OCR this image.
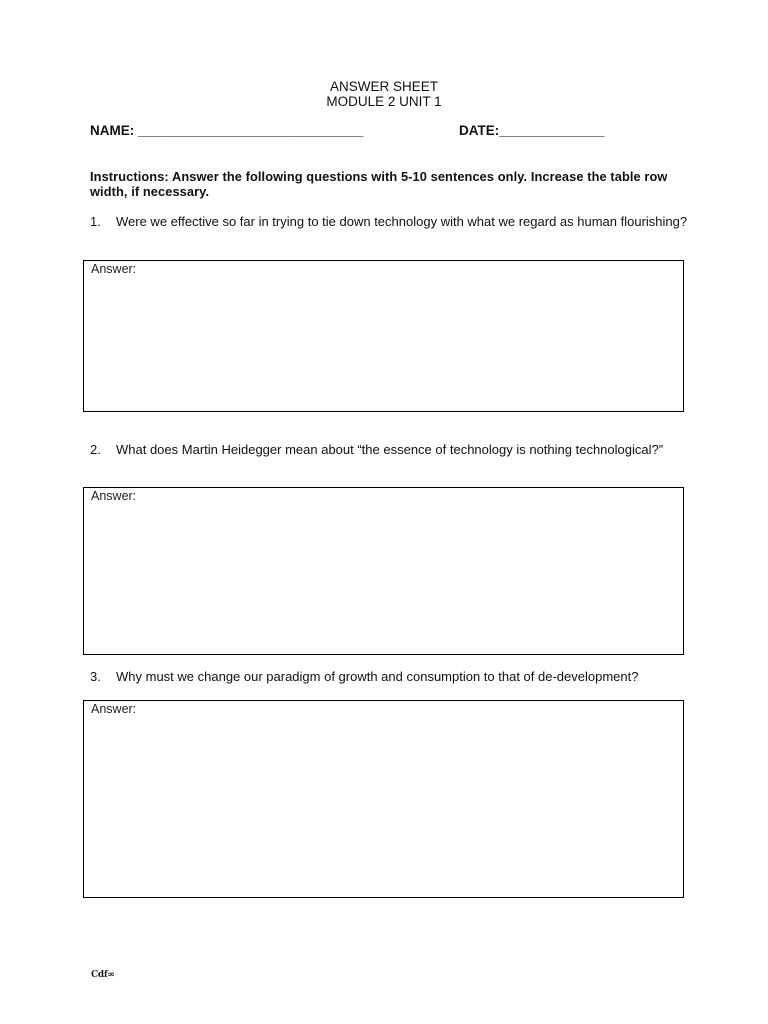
ANSWER SHEET
MODULE 2 UNIT 1
NAME: ______________________________	DATE:______________
Instructions: Answer the following questions with 5-10 sentences only. Increase the table row width, if necessary.
1. Were we effective so far in trying to tie down technology with what we regard as human flourishing?
Answer:
2. What does Martin Heidegger mean about “the essence of technology is nothing technological?”
Answer:
3. Why must we change our paradigm of growth and consumption to that of de-development?
Answer:
Cdf∞
